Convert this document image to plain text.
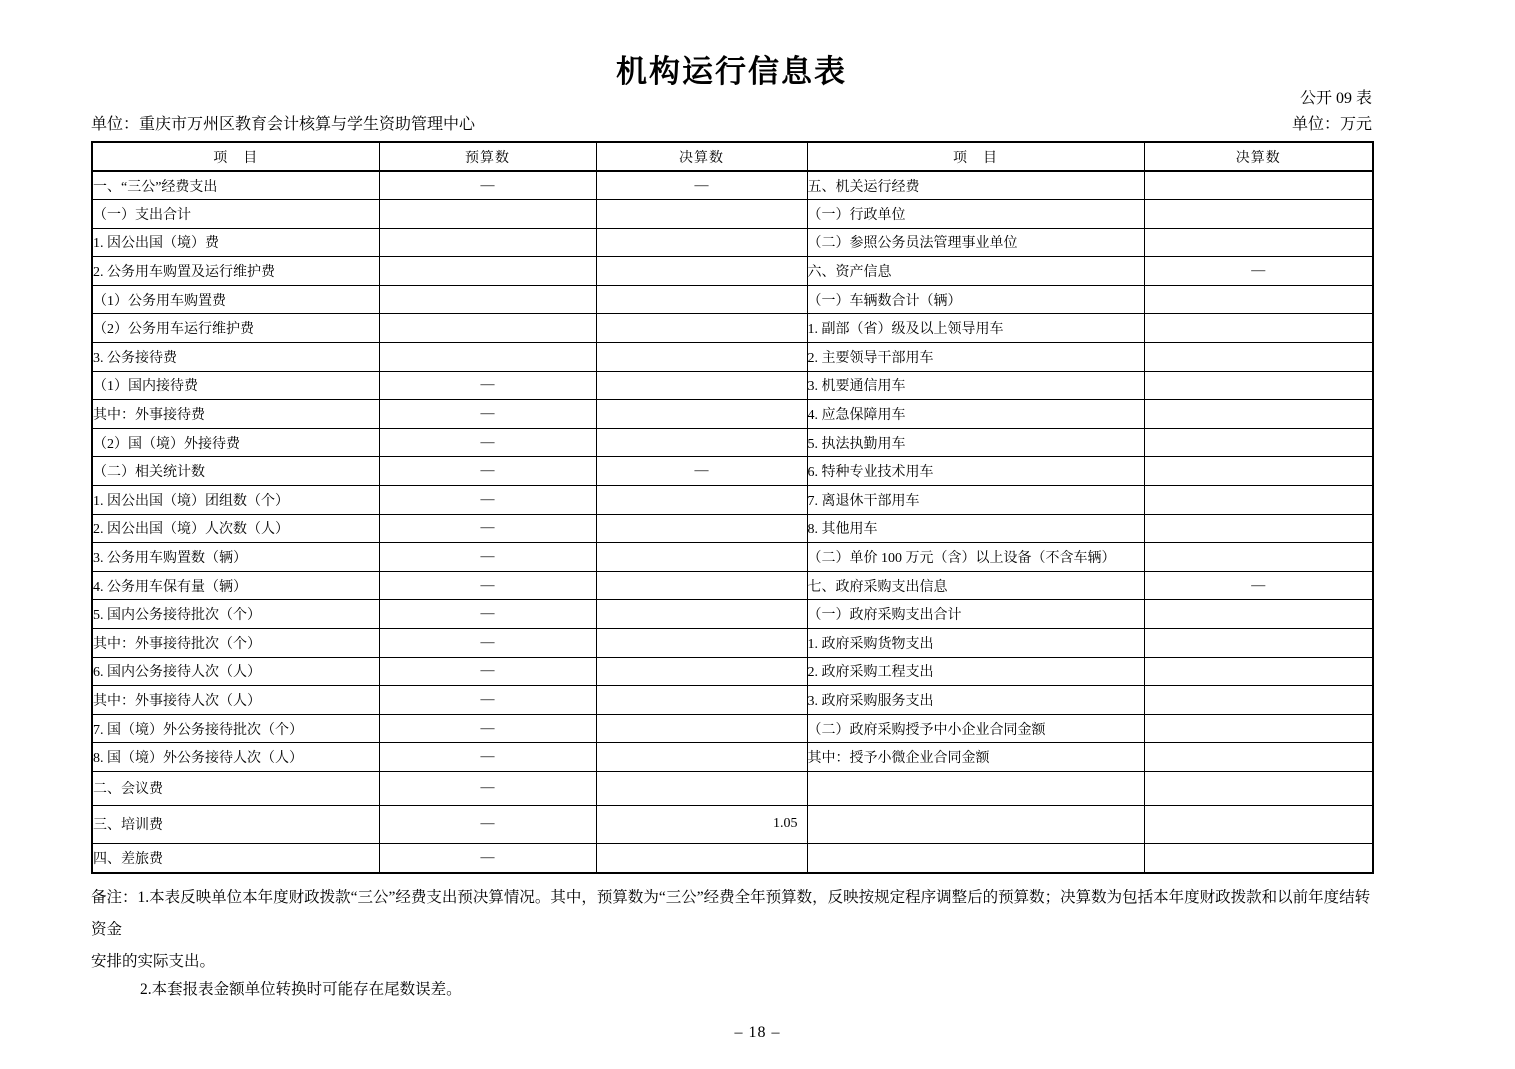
机构运行信息表
公开 09 表
单位：重庆市万州区教育会计核算与学生资助管理中心	单位：万元
项　目	预算数	决算数	项　目	决算数
一、“三公”经费支出	—	—	五、机关运行经费	
（一）支出合计			（一）行政单位	
1. 因公出国（境）费			（二）参照公务员法管理事业单位	
2. 公务用车购置及运行维护费			六、资产信息	—
（1）公务用车购置费			（一）车辆数合计（辆）	
（2）公务用车运行维护费			1. 副部（省）级及以上领导用车	
3. 公务接待费			2. 主要领导干部用车	
（1）国内接待费	—		3. 机要通信用车	
其中：外事接待费	—		4. 应急保障用车	
（2）国（境）外接待费	—		5. 执法执勤用车	
（二）相关统计数	—	—	6. 特种专业技术用车	
1. 因公出国（境）团组数（个）	—		7. 离退休干部用车	
2. 因公出国（境）人次数（人）	—		8. 其他用车	
3. 公务用车购置数（辆）	—		（二）单价 100 万元（含）以上设备（不含车辆）	
4. 公务用车保有量（辆）	—		七、政府采购支出信息	—
5. 国内公务接待批次（个）	—		（一）政府采购支出合计	
其中：外事接待批次（个）	—		1. 政府采购货物支出	
6. 国内公务接待人次（人）	—		2. 政府采购工程支出	
其中：外事接待人次（人）	—		3. 政府采购服务支出	
7. 国（境）外公务接待批次（个）	—		（二）政府采购授予中小企业合同金额	
8. 国（境）外公务接待人次（人）	—		其中：授予小微企业合同金额	
二、会议费	—			
三、培训费	—	1.05		
四、差旅费	—			
备注：1.本表反映单位本年度财政拨款“三公”经费支出预决算情况。其中，预算数为“三公”经费全年预算数，反映按规定程序调整后的预算数；决算数为包括本年度财政拨款和以前年度结转资金
安排的实际支出。
2.本套报表金额单位转换时可能存在尾数误差。
– 18 –
